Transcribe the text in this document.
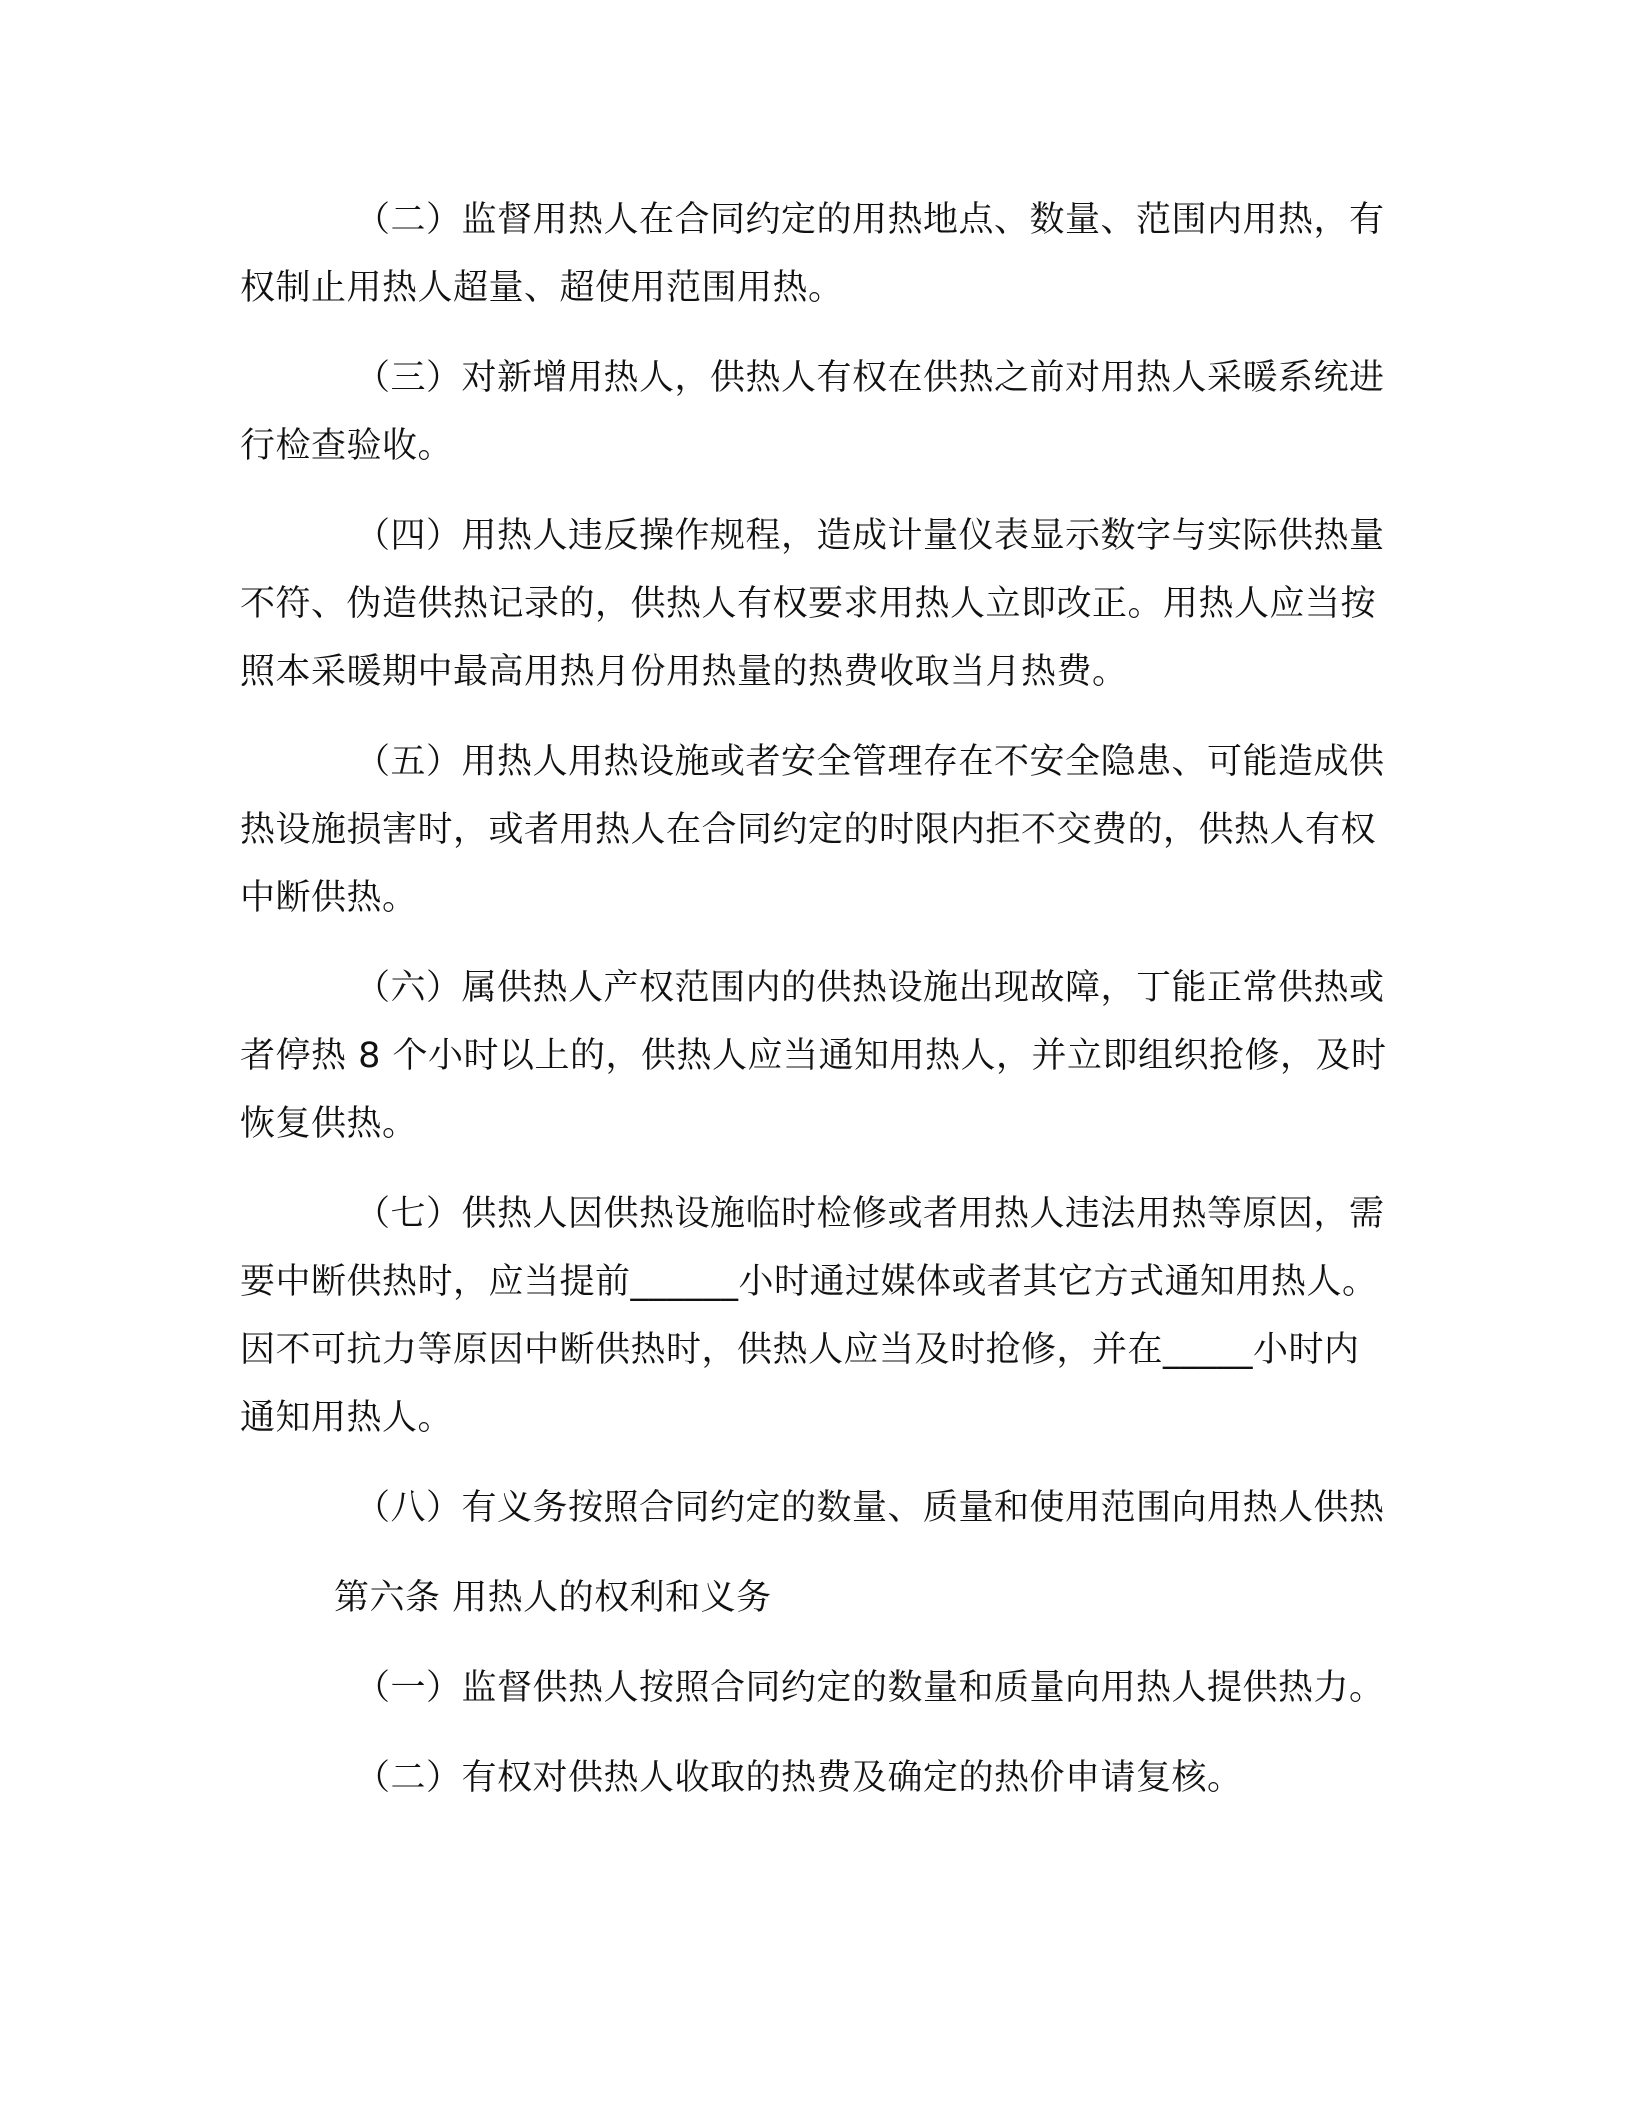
（二）监督用热人在合同约定的用热地点、数量、范围内用热，有权制止用热人超量、超使用范围用热。

（三）对新增用热人，供热人有权在供热之前对用热人采暖系统进行检查验收。

（四）用热人违反操作规程，造成计量仪表显示数字与实际供热量不符、伪造供热记录的，供热人有权要求用热人立即改正。用热人应当按照本采暖期中最高用热月份用热量的热费收取当月热费。

（五）用热人用热设施或者安全管理存在不安全隐患、可能造成供热设施损害时，或者用热人在合同约定的时限内拒不交费的，供热人有权中断供热。

（六）属供热人产权范围内的供热设施出现故障，丁能正常供热或者停热 8 个小时以上的，供热人应当通知用热人，并立即组织抢修，及时恢复供热。

（七）供热人因供热设施临时检修或者用热人违法用热等原因，需要中断供热时，应当提前______小时通过媒体或者其它方式通知用热人。因不可抗力等原因中断供热时，供热人应当及时抢修，并在_____小时内通知用热人。

（八）有义务按照合同约定的数量、质量和使用范围向用热人供热

第六条 用热人的权利和义务

（一）监督供热人按照合同约定的数量和质量向用热人提供热力。

（二）有权对供热人收取的热费及确定的热价申请复核。
